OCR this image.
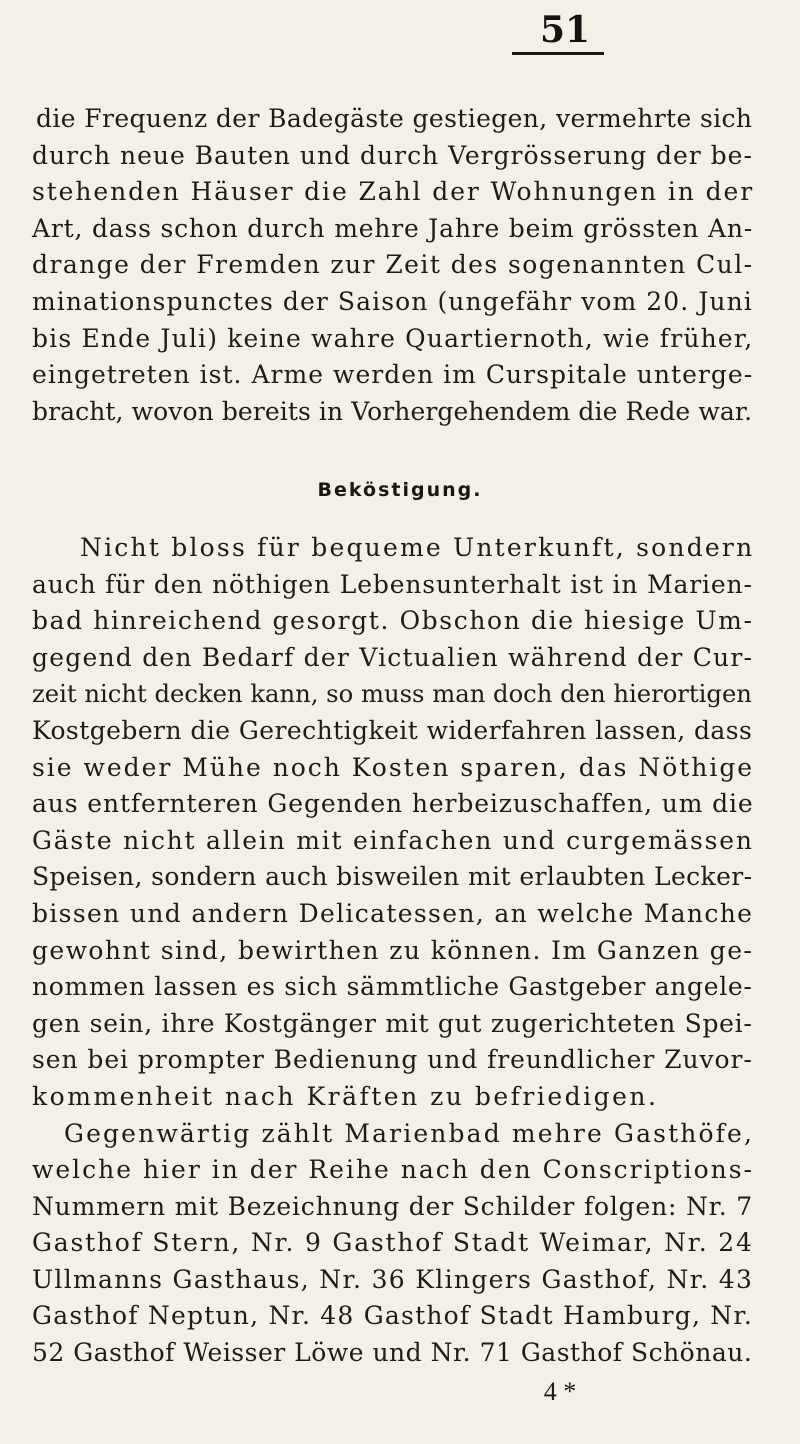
51

die Frequenz der Badegäste gestiegen, vermehrte sich
durch neue Bauten und durch Vergrösserung der be-
stehenden Häuser die Zahl der Wohnungen in der
Art, dass schon durch mehre Jahre beim grössten An-
drange der Fremden zur Zeit des sogenannten Cul-
minationspunctes der Saison (ungefähr vom 20. Juni
bis Ende Juli) keine wahre Quartiernoth, wie früher,
eingetreten ist. Arme werden im Curspitale unterge-
bracht, wovon bereits in Vorhergehendem die Rede war.

Beköstigung.

Nicht bloss für bequeme Unterkunft, sondern
auch für den nöthigen Lebensunterhalt ist in Marien-
bad hinreichend gesorgt. Obschon die hiesige Um-
gegend den Bedarf der Victualien während der Cur-
zeit nicht decken kann, so muss man doch den hierortigen
Kostgebern die Gerechtigkeit widerfahren lassen, dass
sie weder Mühe noch Kosten sparen, das Nöthige
aus entfernteren Gegenden herbeizuschaffen, um die
Gäste nicht allein mit einfachen und curgemässen
Speisen, sondern auch bisweilen mit erlaubten Lecker-
bissen und andern Delicatessen, an welche Manche
gewohnt sind, bewirthen zu können. Im Ganzen ge-
nommen lassen es sich sämmtliche Gastgeber angele-
gen sein, ihre Kostgänger mit gut zugerichteten Spei-
sen bei prompter Bedienung und freundlicher Zuvor-
kommenheit nach Kräften zu befriedigen.

Gegenwärtig zählt Marienbad mehre Gasthöfe,
welche hier in der Reihe nach den Conscriptions-
Nummern mit Bezeichnung der Schilder folgen: Nr. 7
Gasthof Stern, Nr. 9 Gasthof Stadt Weimar, Nr. 24
Ullmanns Gasthaus, Nr. 36 Klingers Gasthof, Nr. 43
Gasthof Neptun, Nr. 48 Gasthof Stadt Hamburg, Nr.
52 Gasthof Weisser Löwe und Nr. 71 Gasthof Schönau.

4 *
